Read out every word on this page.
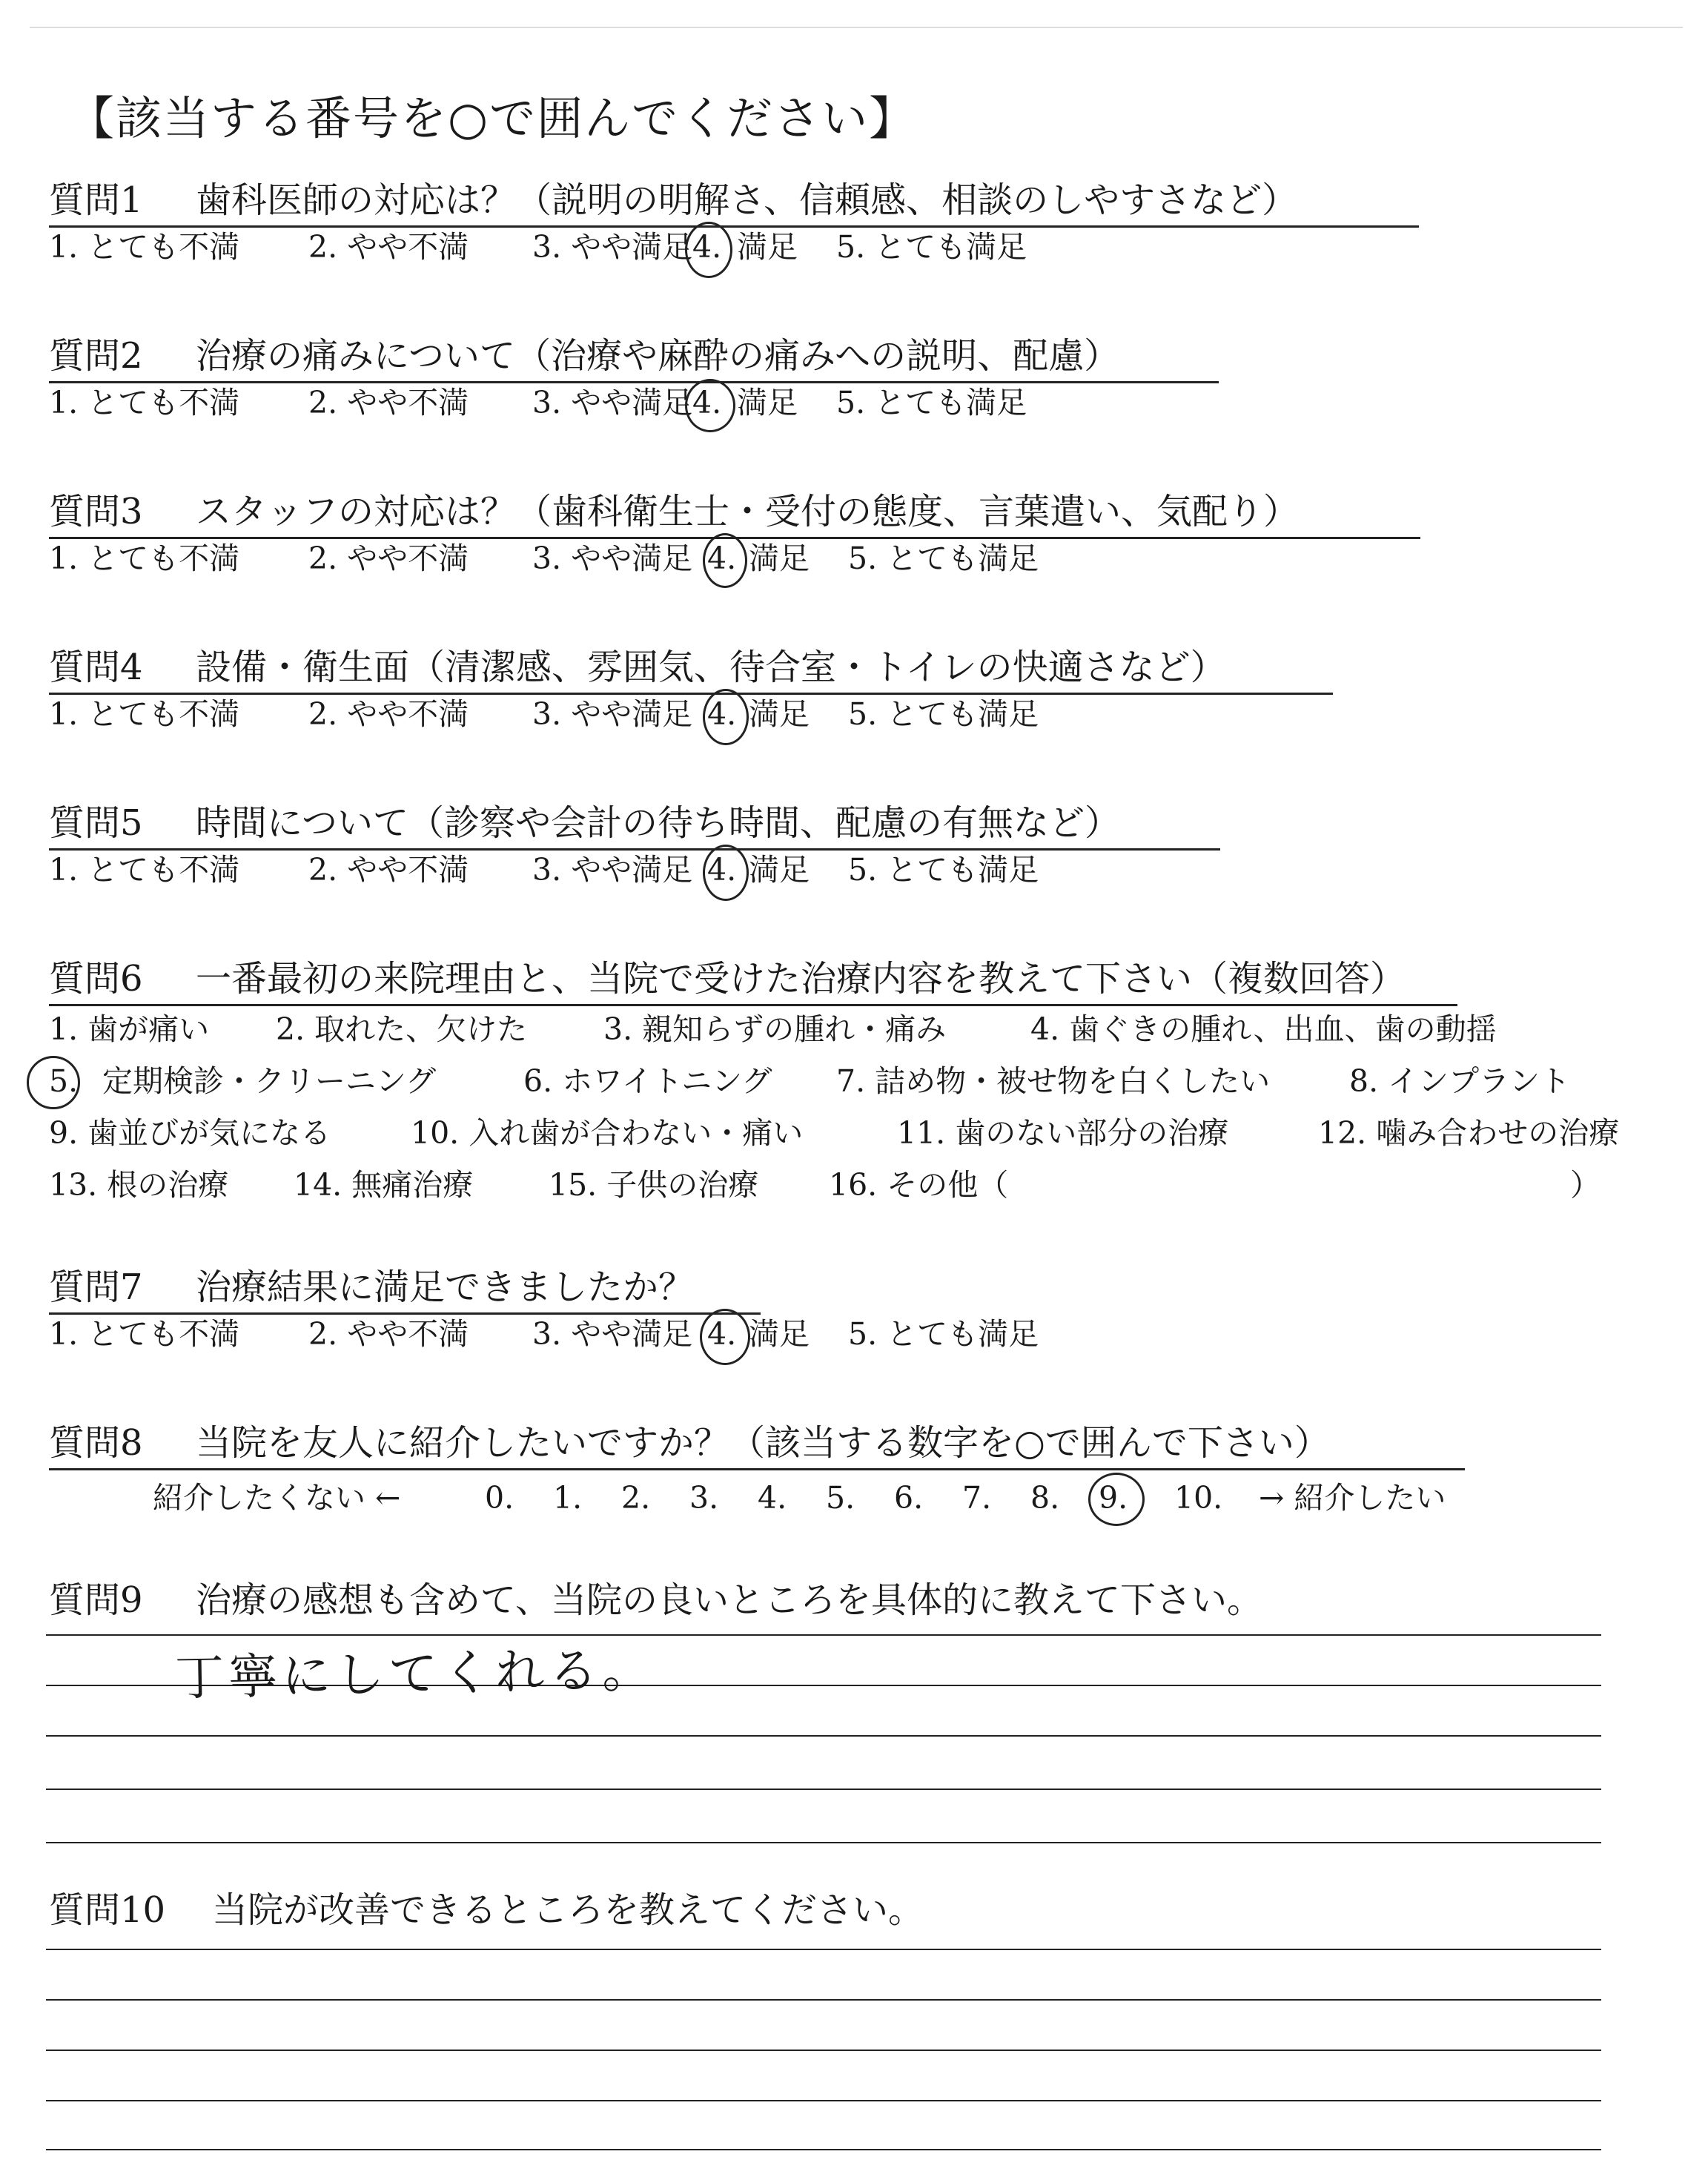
【該当する番号を○で囲んでください】
質問1 歯科医師の対応は？（説明の明解さ、信頼感、相談のしやすさなど）
1. とても不満	2. やや不満	3. やや満足 4. 満足	5. とても満足
質問2 治療の痛みについて（治療や麻酔の痛みへの説明、配慮）
1. とても不満	2. やや不満	3. やや満足 4. 満足	5. とても満足
質問3 スタッフの対応は？（歯科衛生士・受付の態度、言葉遣い、気配り）
1. とても不満	2. やや不満	3. やや満足 4. 満足	5. とても満足
質問4 設備・衛生面（清潔感、雰囲気、待合室・トイレの快適さなど）
1. とても不満	2. やや不満	3. やや満足 4. 満足	5. とても満足
質問5 時間について（診察や会計の待ち時間、配慮の有無など）
1. とても不満	2. やや不満	3. やや満足 4. 満足	5. とても満足
質問6 一番最初の来院理由と、当院で受けた治療内容を教えて下さい（複数回答）
1. 歯が痛い	2. 取れた、欠けた	3. 親知らずの腫れ・痛み	4. 歯ぐきの腫れ、出血、歯の動揺
5. 定期検診・クリーニング	6. ホワイトニング	7. 詰め物・被せ物を白くしたい	8. インプラント
9. 歯並びが気になる	10. 入れ歯が合わない・痛い	11. 歯のない部分の治療	12. 噛み合わせの治療
13. 根の治療	14. 無痛治療	15. 子供の治療	16. その他（	）
質問7 治療結果に満足できましたか？
1. とても不満	2. やや不満	3. やや満足 4. 満足	5. とても満足
質問8 当院を友人に紹介したいですか？（該当する数字を○で囲んで下さい）
紹介したくない ←	0.	1.	2.	3.	4.	5.	6.	7.	8.	9.	10.	→ 紹介したい
質問9 治療の感想も含めて、当院の良いところを具体的に教えて下さい。
丁寧にしてくれる。
質問10 当院が改善できるところを教えてください。
